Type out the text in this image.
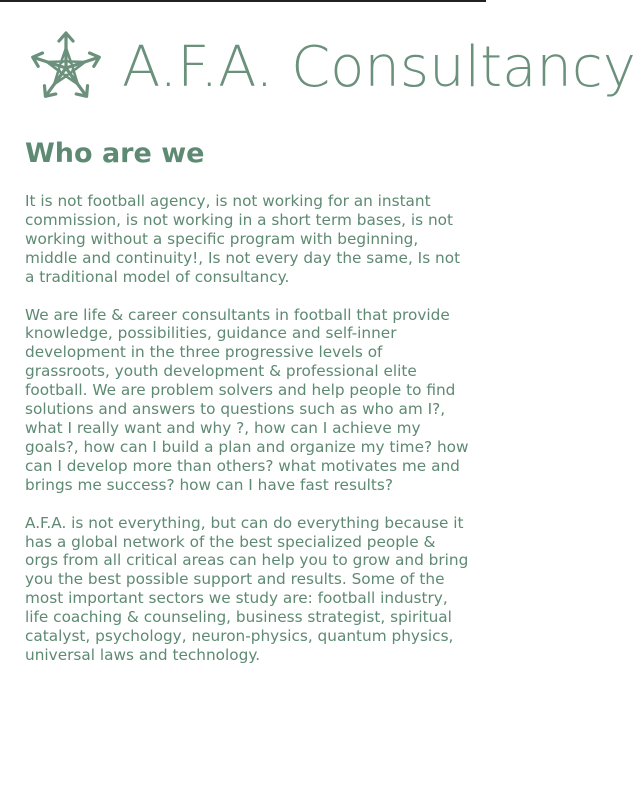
A.F.A. Consultancy
Who are we

It is not football agency, is not working for an instant commission, is not working in a short term bases, is not working without a specific program with beginning, middle and continuity!, Is not every day the same, Is not a traditional model of consultancy.

We are life & career consultants in football that provide knowledge, possibilities, guidance and self-inner development in the three progressive levels of grassroots, youth development & professional elite football. We are problem solvers and help people to find solutions and answers to questions such as who am I?, what I really want and why ?, how can I achieve my goals?, how can I build a plan and organize my time? how can I develop more than others? what motivates me and brings me success? how can I have fast results?

A.F.A. is not everything, but can do everything because it has a global network of the best specialized people & orgs from all critical areas can help you to grow and bring you the best possible support and results. Some of the most important sectors we study are: football industry, life coaching & counseling, business strategist, spiritual catalyst, psychology, neuron-physics, quantum physics, universal laws and technology.
